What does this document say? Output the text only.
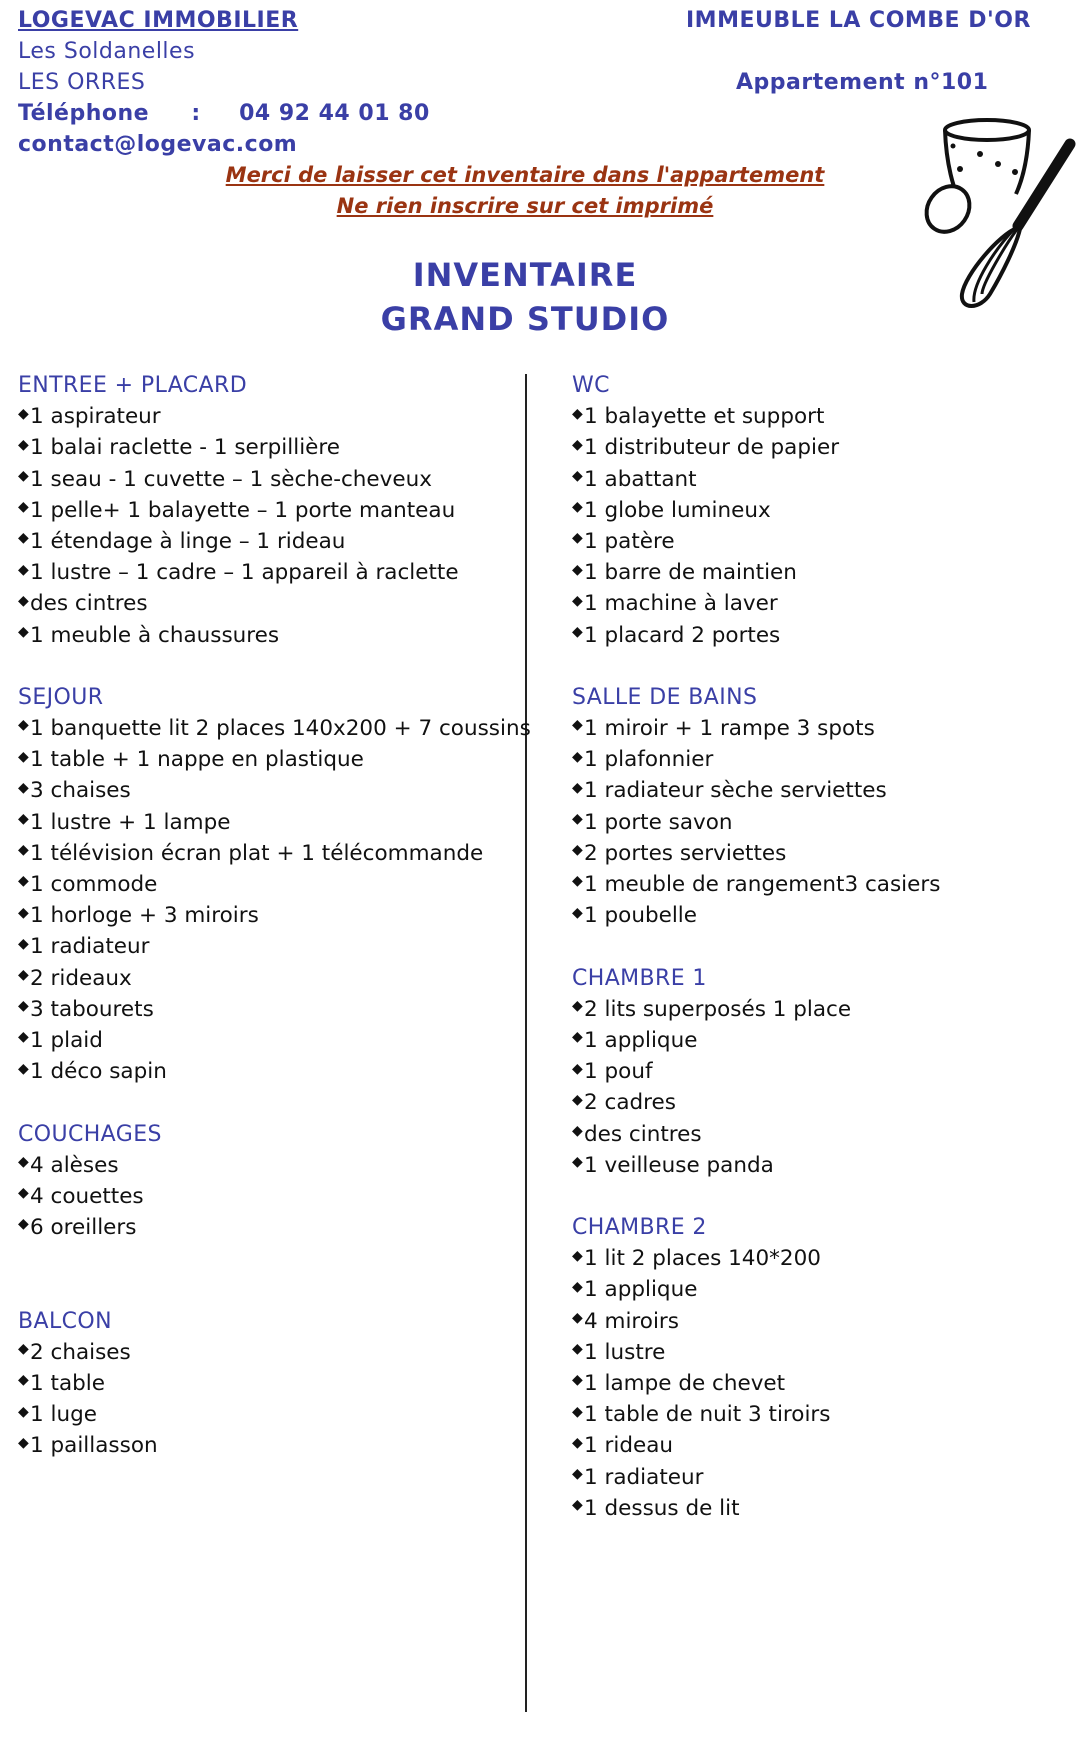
LOGEVAC IMMOBILIER
Les Soldanelles
LES ORRES
Téléphone : 04 92 44 01 80
contact@logevac.com
IMMEUBLE LA COMBE D'OR
Appartement n°101
Merci de laisser cet inventaire dans l'appartement
Ne rien inscrire sur cet imprimé
INVENTAIRE
GRAND STUDIO
ENTREE + PLACARD
◆1 aspirateur
◆1 balai raclette - 1 serpillière
◆1 seau - 1 cuvette – 1 sèche-cheveux
◆1 pelle+ 1 balayette – 1 porte manteau
◆1 étendage à linge – 1 rideau
◆1 lustre – 1 cadre – 1 appareil à raclette
◆des cintres
◆1 meuble à chaussures
SEJOUR
◆1 banquette lit 2 places 140x200 + 7 coussins
◆1 table + 1 nappe en plastique
◆3 chaises
◆1 lustre + 1 lampe
◆1 télévision écran plat + 1 télécommande
◆1 commode
◆1 horloge + 3 miroirs
◆1 radiateur
◆2 rideaux
◆3 tabourets
◆1 plaid
◆1 déco sapin
COUCHAGES
◆4 alèses
◆4 couettes
◆6 oreillers
BALCON
◆2 chaises
◆1 table
◆1 luge
◆1 paillasson
WC
◆1 balayette et support
◆1 distributeur de papier
◆1 abattant
◆1 globe lumineux
◆1 patère
◆1 barre de maintien
◆1 machine à laver
◆1 placard 2 portes
SALLE DE BAINS
◆1 miroir + 1 rampe 3 spots
◆1 plafonnier
◆1 radiateur sèche serviettes
◆1 porte savon
◆2 portes serviettes
◆1 meuble de rangement3 casiers
◆1 poubelle
CHAMBRE 1
◆2 lits superposés 1 place
◆1 applique
◆1 pouf
◆2 cadres
◆des cintres
◆1 veilleuse panda
CHAMBRE 2
◆1 lit 2 places 140*200
◆1 applique
◆4 miroirs
◆1 lustre
◆1 lampe de chevet
◆1 table de nuit 3 tiroirs
◆1 rideau
◆1 radiateur
◆1 dessus de lit
